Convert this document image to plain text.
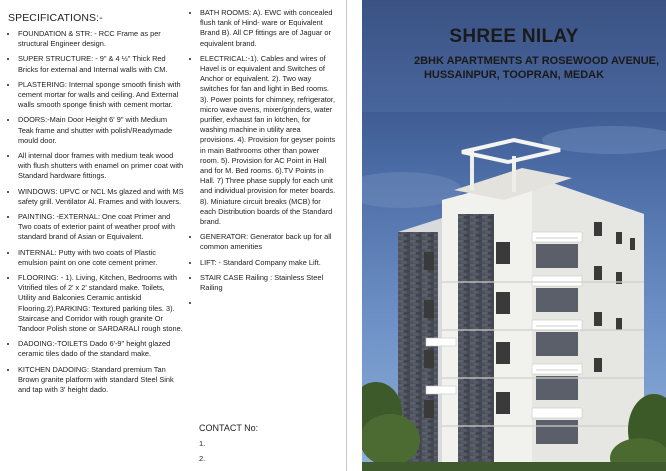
SPECIFICATIONS:-
• FOUNDATION & STR: - RCC Frame as per structural Engineer design.
• SUPER STRUCTURE: - 9" & 4 ½" Thick Red Bricks for external and Internal walls with CM.
• PLASTERING: Internal sponge smooth finish with cement mortar for walls and ceiling. And External walls smooth sponge finish with cement mortar.
• DOORS:-Main Door Height 6' 9" with Medium Teak frame and shutter with polish/Readymade mould door.
• All internal door frames with medium teak wood with flush shutters with enamel on primer coat with Standard hardware fittings.
• WINDOWS: UPVC or NCL Ms glazed and with MS safety grill. Ventilator Al. Frames and with louvers.
• PAINTING: -EXTERNAL: One coat Primer and Two coats of exterior paint of weather proof with standard brand of Asian or Equivalent.
• INTERNAL: Putty with two coats of Plastic emulsion paint on one cote cement primer.
• FLOORING: - 1). Living, Kitchen, Bedrooms with Vitrified tiles of 2' x 2' standard make. Toilets, Utility and Balconies Ceramic antiskid Flooring.2).PARKING: Textured parking tiles. 3). Staircase and Corridor with rough granite Or Tandoor Polish stone or SARDARALI rough stone.
• DADOING:-TOILETS Dado 6'-9" height glazed ceramic tiles dado of the standard make.
• KITCHEN DADOING: Standard premium Tan Brown granite platform with standard Steel Sink and tap with 3' height dado.
• BATH ROOMS: A). EWC with concealed flush tank of Hind- ware or Equivalent Brand B). All CP fittings are of Jaguar or equivalent brand.
• ELECTRICAL:-1). Cables and wires of Havel is or equivalent and Switches of Anchor or equivalent. 2). Two way switches for fan and light in Bed rooms. 3). Power points for chimney, refrigerator, micro wave ovens, mixer/grinders, water purifier, exhaust fan in kitchen, for washing machine in utility area provisions. 4). Provision for geyser points in main Bathrooms other than power room. 5). Provision for AC Point in Hall and for M. Bed rooms. 6).TV Points in Hall. 7) Three phase supply for each unit and individual provision for meter boards. 8). Miniature circuit breaks (MCB) for each Distribution boards of the Standard brand.
• GENERATOR: Generator back up for all common amenities
• LIFT: - Standard Company make Lift.
• STAIR CASE Railing : Stainless Steel Railing
•
CONTACT No:
1.
2.
SHREE NILAY
2BHK APARTMENTS AT ROSEWOOD AVENUE,
HUSSAINPUR, TOOPRAN, MEDAK
